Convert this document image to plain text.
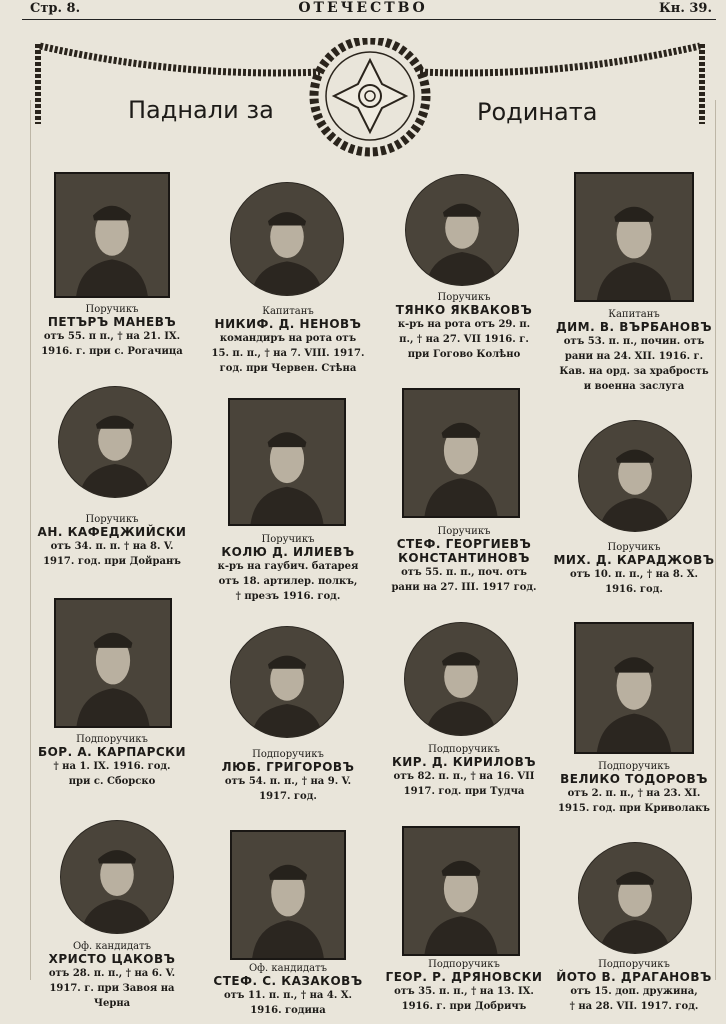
Стр. 8.	ОТЕЧЕСТВО	Кн. 39.
Паднали за	Родината
Поручикъ
ПЕТЪРЪ МАНЕВЪ
отъ 55. п п., † на 21. IX.
1916. г. при с. Рогачица
Капитанъ
НИКИФ. Д. НЕНОВЪ
командиръ на рота отъ
15. п. п., † на 7. VIII. 1917.
год. при Червен. Стѣна
Поручикъ
ТЯНКО ЯКВАКОВЪ
к-ръ на рота отъ 29. п.
п., † на 27. VII 1916. г.
при Гогово Колѣно
Капитанъ
ДИМ. В. ВЪРБАНОВЪ
отъ 53. п. п., почин. отъ
рани на 24. XII. 1916. г.
Кав. на орд. за храбрость
и военна заслуга
Поручикъ
АН. КАФЕДЖИЙСКИ
отъ 34. п. п. † на 8. V.
1917. год. при Дойранъ
Поручикъ
КОЛЮ Д. ИЛИЕВЪ
к-ръ на гаубич. батарея
отъ 18. артилер. полкъ,
† презъ 1916. год.
Поручикъ
СТЕФ. ГЕОРГИЕВЪ КОНСТАНТИНОВЪ
отъ 55. п. п., поч. отъ
рани на 27. III. 1917 год.
Поручикъ
МИХ. Д. КАРАДЖОВЪ
отъ 10. п. п., † на 8. Х.
1916. год.
Подпоручикъ
БОР. А. КАРПАРСКИ
† на 1. IX. 1916. год.
при с. Сборско
Подпоручикъ
ЛЮБ. ГРИГОРОВЪ
отъ 54. п. п., † на 9. V.
1917. год.
Подпоручикъ
КИР. Д. КИРИЛОВЪ
отъ 82. п. п., † на 16. VII
1917. год. при Тудча
Подпоручикъ
ВЕЛИКО ТОДОРОВЪ
отъ 2. п. п., † на 23. XI.
1915. год. при Криволакъ
Оф. кандидатъ
ХРИСТО ЦАКОВЪ
отъ 28. п. п., † на 6. V.
1917. г. при Завоя на
Черна
Оф. кандидатъ
СТЕФ. С. КАЗАКОВЪ
отъ 11. п. п., † на 4. Х.
1916. година
Подпоручикъ
ГЕОР. Р. ДРЯНОВСКИ
отъ 35. п. п., † на 13. IX.
1916. г. при Добричъ
Подпоручикъ
ЙОТО В. ДРАГАНОВЪ
отъ 15. доп. дружина,
† на 28. VII. 1917. год.
